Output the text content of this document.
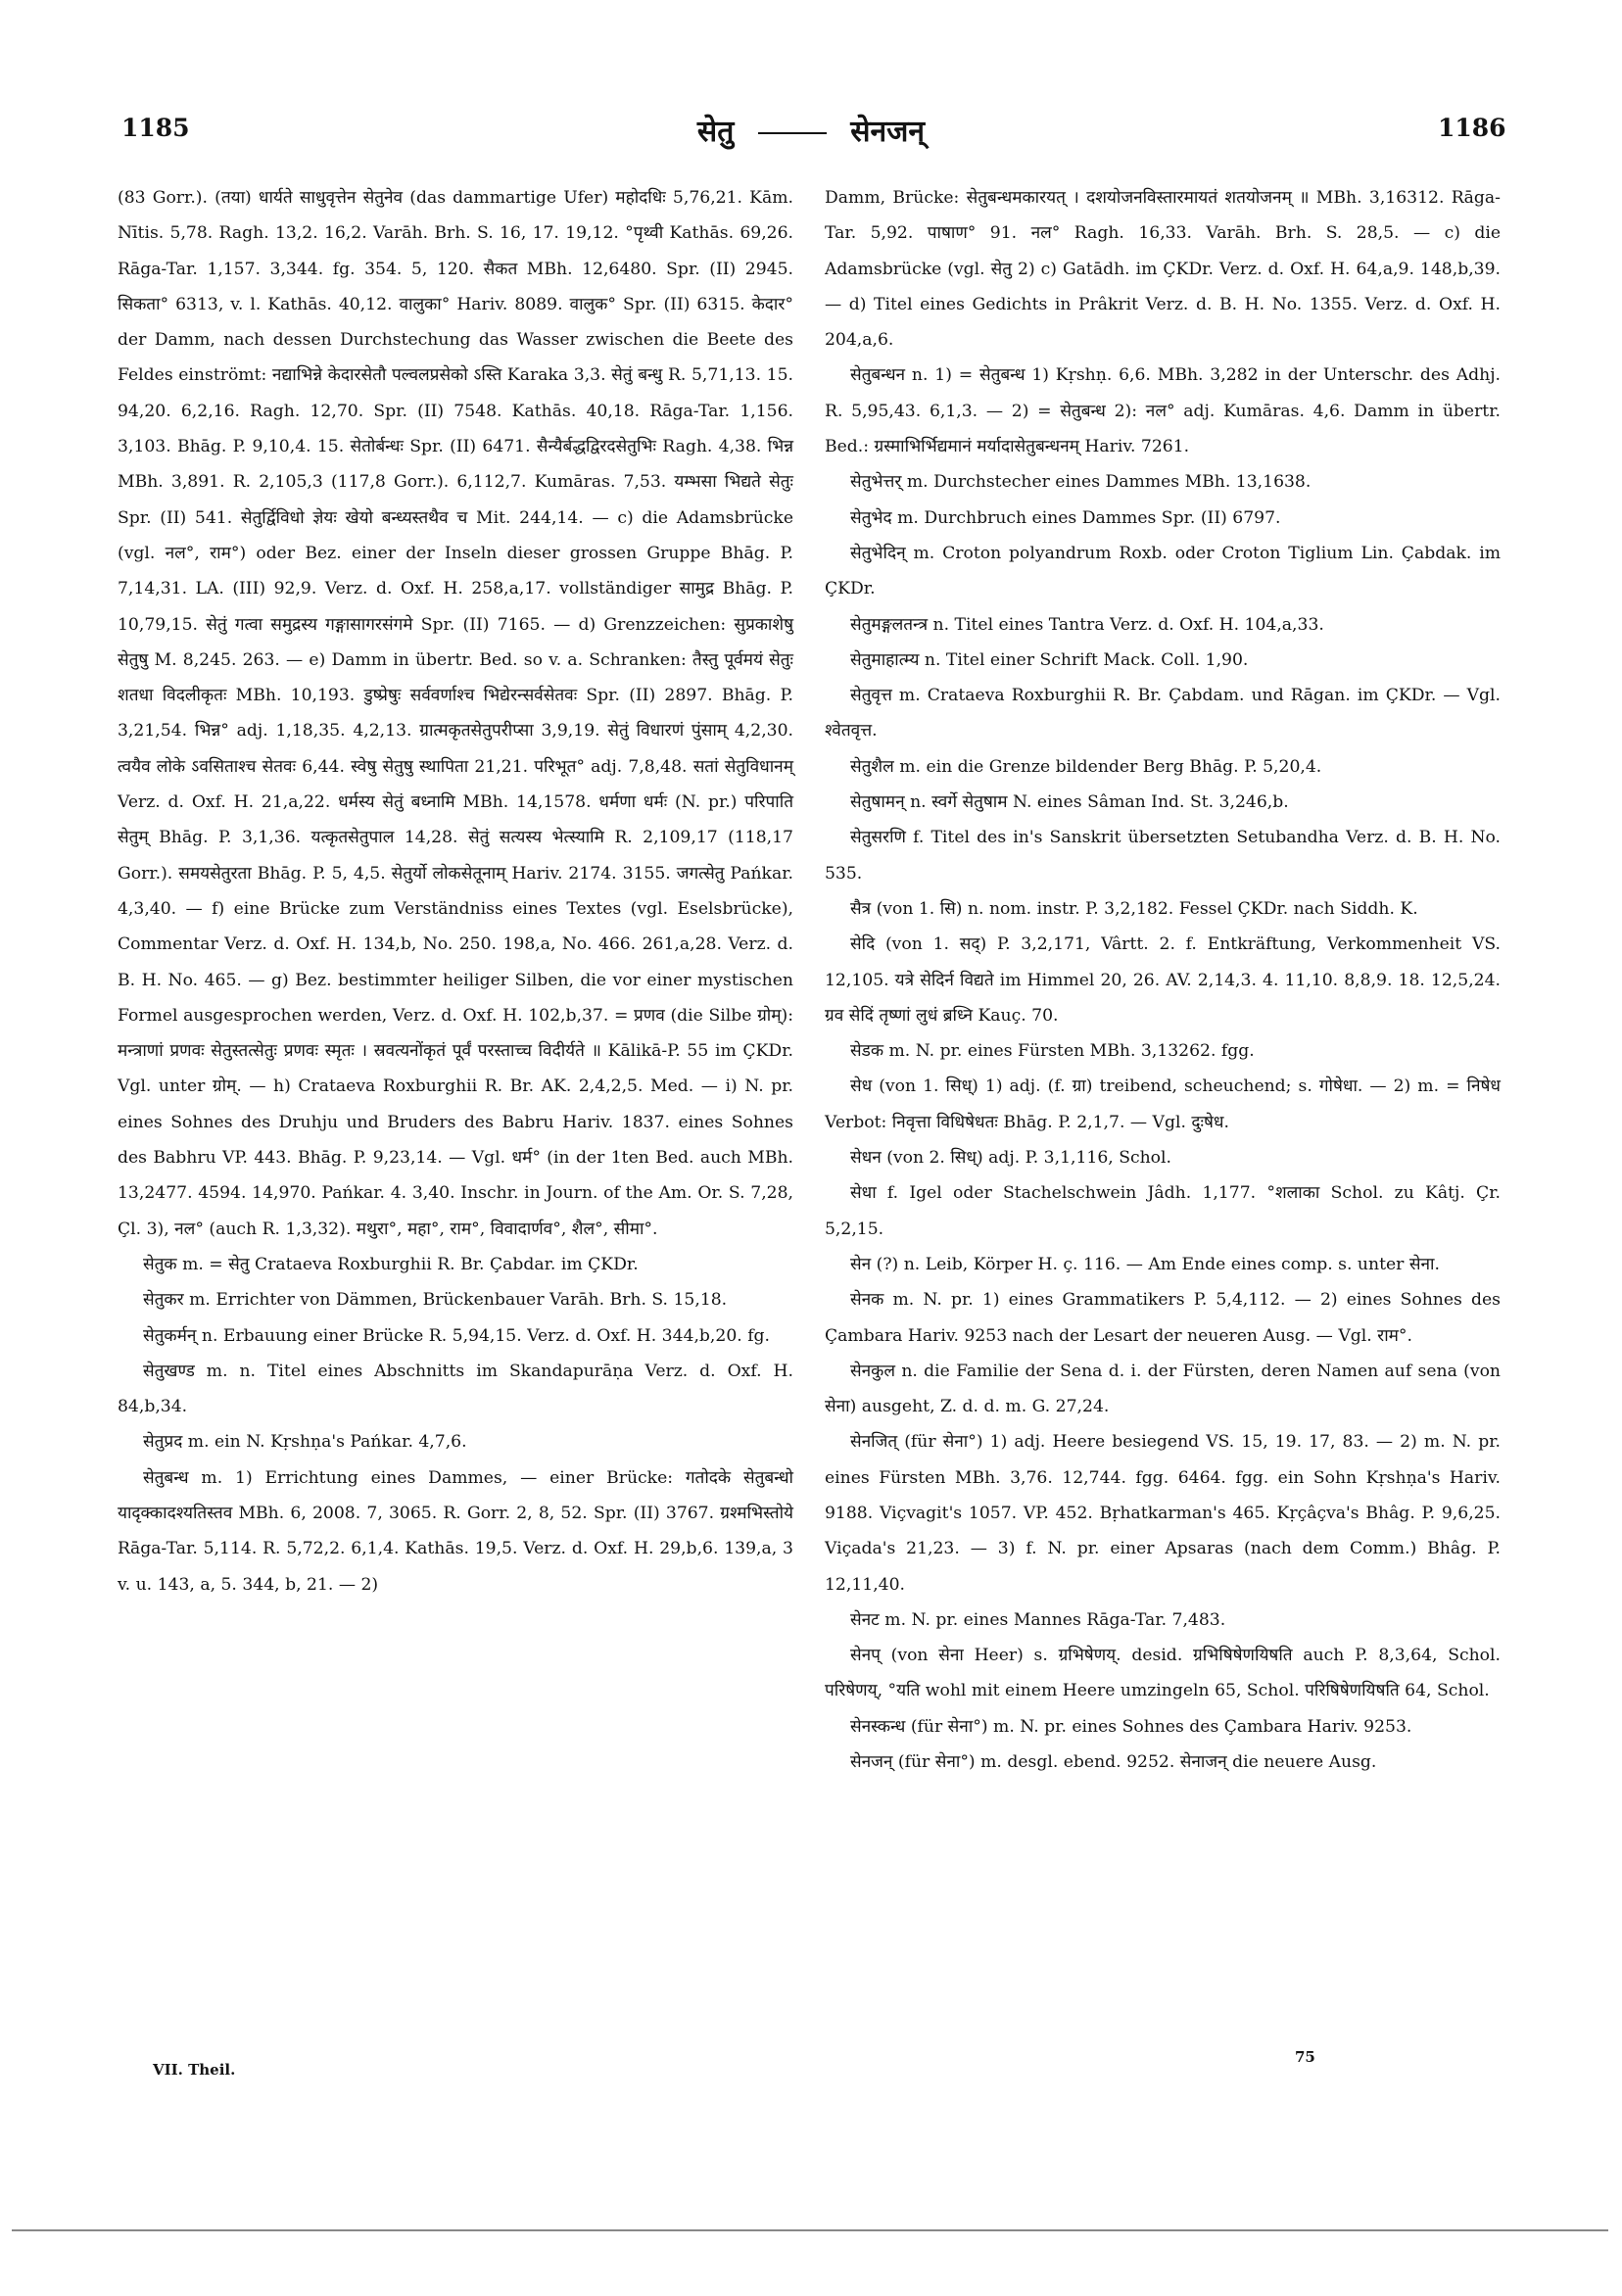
1185	सेतु	सेनजन्	1186

(83 Gorr.). (तया) धार्यते साधुवृत्तेन सेतुनेव (das dammartige Ufer) महोदधिः 5,76,21. Kām. Nītis. 5,78. Ragh. 13,2. 16,2. Varāh. Brh. S. 16, 17. 19,12. °पृथ्वी Kathās. 69,26. Rāga-Tar. 1,157. 3,344. fg. 354. 5, 120. सैकत MBh. 12,6480. Spr. (II) 2945. सिकता° 6313, v. l. Kathās. 40,12. वालुका° Hariv. 8089. वालुक° Spr. (II) 6315. केदार° der Damm, nach dessen Durchstechung das Wasser zwischen die Beete des Feldes einströmt: नद्याभिन्ने केदारसेतौ पल्वलप्रसेको ऽस्ति Karaka 3,3. सेतुं बन्धु R. 5,71,13. 15. 94,20. 6,2,16. Ragh. 12,70. Spr. (II) 7548. Kathās. 40,18. Rāga-Tar. 1,156. 3,103. Bhāg. P. 9,10,4. 15. सेतोर्बन्धः Spr. (II) 6471. सैन्यैर्बद्धद्विरदसेतुभिः Ragh. 4,38. भिन्न MBh. 3,891. R. 2,105,3 (117,8 Gorr.). 6,112,7. Kumāras. 7,53. यम्भसा भिद्यते सेतुः Spr. (II) 541. सेतुर्द्विविधो ज्ञेयः खेयो बन्ध्यस्तथैव च Mit. 244,14. — c) die Adamsbrücke (vgl. नल°, राम°) oder Bez. einer der Inseln dieser grossen Gruppe Bhāg. P. 7,14,31. LA. (III) 92,9. Verz. d. Oxf. H. 258,a,17. vollständiger सामुद्र Bhāg. P. 10,79,15. सेतुं गत्वा समुद्रस्य गङ्गासागरसंगमे Spr. (II) 7165. — d) Grenzzeichen: सुप्रकाशेषु सेतुषु M. 8,245. 263. — e) Damm in übertr. Bed. so v. a. Schranken: तैस्तु पूर्वमयं सेतुः शतधा विदलीकृतः MBh. 10,193. डुष्प्रेषुः सर्ववर्णाश्च भिद्येरन्सर्वसेतवः Spr. (II) 2897. Bhāg. P. 3,21,54. भिन्न° adj. 1,18,35. 4,2,13. ग्रात्मकृतसेतुपरीप्सा 3,9,19. सेतुं विधारणं पुंसाम् 4,2,30. त्वयैव लोके ऽवसिताश्च सेतवः 6,44. स्वेषु सेतुषु स्थापिता 21,21. परिभूत° adj. 7,8,48. सतां सेतुविधानम् Verz. d. Oxf. H. 21,a,22. धर्मस्य सेतुं बध्नामि MBh. 14,1578. धर्मणा धर्मः (N. pr.) परिपाति सेतुम् Bhāg. P. 3,1,36. यत्कृतसेतुपाल 14,28. सेतुं सत्यस्य भेत्स्यामि R. 2,109,17 (118,17 Gorr.). समयसेतुरता Bhāg. P. 5, 4,5. सेतुर्यो लोकसेतूनाम् Hariv. 2174. 3155. जगत्सेतु Pańkar. 4,3,40. — f) eine Brücke zum Verständniss eines Textes (vgl. Eselsbrücke), Commentar Verz. d. Oxf. H. 134,b, No. 250. 198,a, No. 466. 261,a,28. Verz. d. B. H. No. 465. — g) Bez. bestimmter heiliger Silben, die vor einer mystischen Formel ausgesprochen werden, Verz. d. Oxf. H. 102,b,37. = प्रणव (die Silbe ग्रोम्): मन्त्राणां प्रणवः सेतुस्तत्सेतुः प्रणवः स्मृतः । स्रवत्यनोंकृतं पूर्वं परस्ताच्च विदीर्यते ॥ Kālikā-P. 55 im ÇKDr. Vgl. unter ग्रोम्. — h) Crataeva Roxburghii R. Br. AK. 2,4,2,5. Med. — i) N. pr. eines Sohnes des Druhju und Bruders des Babru Hariv. 1837. eines Sohnes des Babhru VP. 443. Bhāg. P. 9,23,14. — Vgl. धर्म° (in der 1ten Bed. auch MBh. 13,2477. 4594. 14,970. Pańkar. 4. 3,40. Inschr. in Journ. of the Am. Or. S. 7,28, Çl. 3), नल° (auch R. 1,3,32). मथुरा°, महा°, राम°, विवादार्णव°, शैल°, सीमा°.

सेतुक m. = सेतु Crataeva Roxburghii R. Br. Çabdar. im ÇKDr.

सेतुकर m. Errichter von Dämmen, Brückenbauer Varāh. Brh. S. 15,18.

सेतुकर्मन् n. Erbauung einer Brücke R. 5,94,15. Verz. d. Oxf. H. 344,b,20. fg.

सेतुखण्ड m. n. Titel eines Abschnitts im Skandapurāṇa Verz. d. Oxf. H. 84,b,34.

सेतुप्रद m. ein N. Kṛshṇa's Pańkar. 4,7,6.

सेतुबन्ध m. 1) Errichtung eines Dammes, — einer Brücke: गतोदके सेतुबन्धो यादृक्कादश्यतिस्तव MBh. 6, 2008. 7, 3065. R. Gorr. 2, 8, 52. Spr. (II) 3767. ग्रश्मभिस्तोये Rāga-Tar. 5,114. R. 5,72,2. 6,1,4. Kathās. 19,5. Verz. d. Oxf. H. 29,b,6. 139,a, 3 v. u. 143, a, 5. 344, b, 21. — 2)

Damm, Brücke: सेतुबन्धमकारयत् । दशयोजनविस्तारमायतं शतयोजनम् ॥ MBh. 3,16312. Rāga-Tar. 5,92. पाषाण° 91. नल° Ragh. 16,33. Varāh. Brh. S. 28,5. — c) die Adamsbrücke (vgl. सेतु 2) c) Gatādh. im ÇKDr. Verz. d. Oxf. H. 64,a,9. 148,b,39. — d) Titel eines Gedichts in Prâkrit Verz. d. B. H. No. 1355. Verz. d. Oxf. H. 204,a,6.

सेतुबन्धन n. 1) = सेतुबन्ध 1) Kṛshṇ. 6,6. MBh. 3,282 in der Unterschr. des Adhj. R. 5,95,43. 6,1,3. — 2) = सेतुबन्ध 2): नल° adj. Kumāras. 4,6. Damm in übertr. Bed.: ग्रस्माभिर्भिद्यमानं मर्यादासेतुबन्धनम् Hariv. 7261.

सेतुभेत्तर् m. Durchstecher eines Dammes MBh. 13,1638.

सेतुभेद m. Durchbruch eines Dammes Spr. (II) 6797.

सेतुभेदिन् m. Croton polyandrum Roxb. oder Croton Tiglium Lin. Çabdak. im ÇKDr.

सेतुमङ्गलतन्त्र n. Titel eines Tantra Verz. d. Oxf. H. 104,a,33.

सेतुमाहात्म्य n. Titel einer Schrift Mack. Coll. 1,90.

सेतुवृत्त m. Crataeva Roxburghii R. Br. Çabdam. und Rāgan. im ÇKDr. — Vgl. श्वेतवृत्त.

सेतुशैल m. ein die Grenze bildender Berg Bhāg. P. 5,20,4.

सेतुषामन् n. स्वर्गे सेतुषाम N. eines Sâman Ind. St. 3,246,b.

सेतुसरणि f. Titel des in's Sanskrit übersetzten Setubandha Verz. d. B. H. No. 535.

सैत्र (von 1. सि) n. nom. instr. P. 3,2,182. Fessel ÇKDr. nach Siddh. K.

सेदि (von 1. सद्) P. 3,2,171, Vârtt. 2. f. Entkräftung, Verkommenheit VS. 12,105. यत्रे सेदिर्न विद्यते im Himmel 20, 26. AV. 2,14,3. 4. 11,10. 8,8,9. 18. 12,5,24. ग्रव सेदिं तृष्णां लुधं ब्रध्नि Kauç. 70.

सेडक m. N. pr. eines Fürsten MBh. 3,13262. fgg.

सेध (von 1. सिध्) 1) adj. (f. ग्रा) treibend, scheuchend; s. गोषेधा. — 2) m. = निषेध Verbot: निवृत्ता विधिषेधतः Bhāg. P. 2,1,7. — Vgl. दुःषेध.

सेधन (von 2. सिध्) adj. P. 3,1,116, Schol.

सेधा f. Igel oder Stachelschwein Jâdh. 1,177. °शलाका Schol. zu Kâtj. Çr. 5,2,15.

सेन (?) n. Leib, Körper H. ç. 116. — Am Ende eines comp. s. unter सेना.

सेनक m. N. pr. 1) eines Grammatikers P. 5,4,112. — 2) eines Sohnes des Çambara Hariv. 9253 nach der Lesart der neueren Ausg. — Vgl. राम°.

सेनकुल n. die Familie der Sena d. i. der Fürsten, deren Namen auf sena (von सेना) ausgeht, Z. d. d. m. G. 27,24.

सेनजित् (für सेना°) 1) adj. Heere besiegend VS. 15, 19. 17, 83. — 2) m. N. pr. eines Fürsten MBh. 3,76. 12,744. fgg. 6464. fgg. ein Sohn Kṛshṇa's Hariv. 9188. Viçvagit's 1057. VP. 452. Bṛhatkarman's 465. Kṛçâçva's Bhâg. P. 9,6,25. Viçada's 21,23. — 3) f. N. pr. einer Apsaras (nach dem Comm.) Bhâg. P. 12,11,40.

सेनट m. N. pr. eines Mannes Rāga-Tar. 7,483.

सेनप् (von सेना Heer) s. ग्रभिषेणय्. desid. ग्रभिषिषेणयिषति auch P. 8,3,64, Schol. परिषेणय्, °यति wohl mit einem Heere umzingeln 65, Schol. परिषिषेणयिषति 64, Schol.

सेनस्कन्ध (für सेना°) m. N. pr. eines Sohnes des Çambara Hariv. 9253.

सेनजन् (für सेना°) m. desgl. ebend. 9252. सेनाजन् die neuere Ausg.

VII. Theil.
75
